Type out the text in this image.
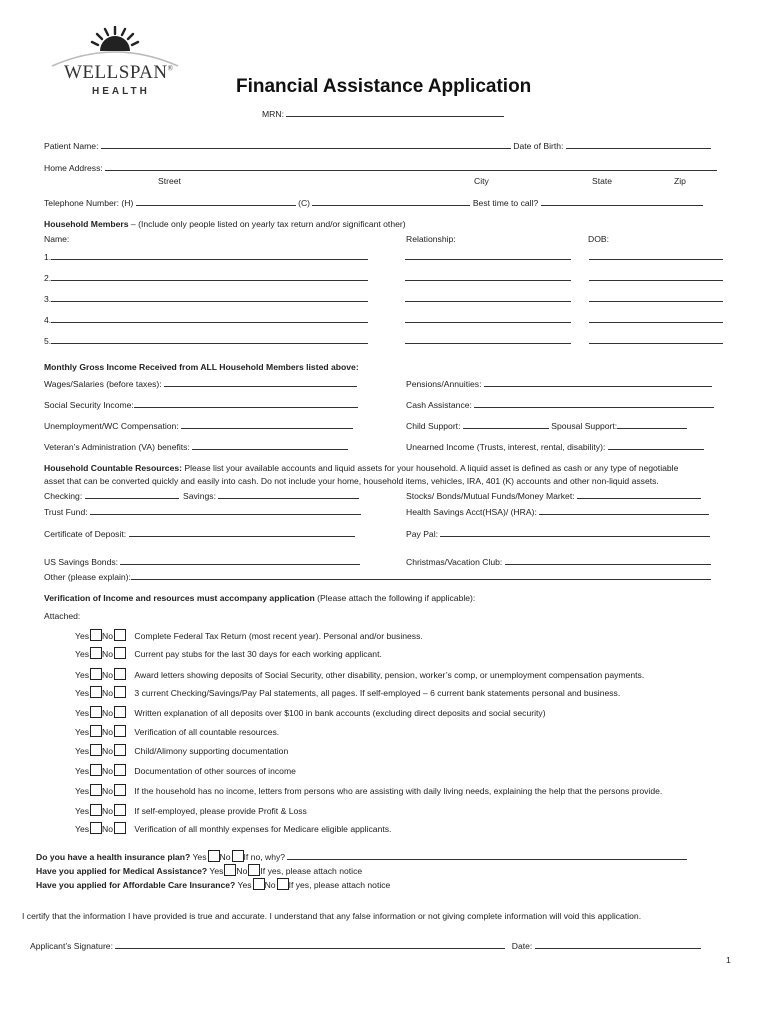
WELLSPAN®
HEALTH	Financial Assistance Application
MRN:
Patient Name:	Date of Birth:
Home Address:
Street	City	State	Zip
Telephone Number: (H)	(C)	Best time to call?
Household Members – (Include only people listed on yearly tax return and/or significant other)
Name:	Relationship:	DOB:
1.
2.
3.
4.
5.
Monthly Gross Income Received from ALL Household Members listed above:
Wages/Salaries (before taxes):	Pensions/Annuities:
Social Security Income:	Cash Assistance:
Unemployment/WC Compensation:	Child Support:	Spousal Support:
Veteran’s Administration (VA) benefits:	Unearned Income (Trusts, interest, rental, disability):
Household Countable Resources: Please list your available accounts and liquid assets for your household. A liquid asset is defined as cash or any type of negotiable
asset that can be converted quickly and easily into cash. Do not include your home, household items, vehicles, IRA, 401 (K) accounts and other non-liquid assets.
Checking:	Savings:	Stocks/ Bonds/Mutual Funds/Money Market:
Trust Fund:	Health Savings Acct(HSA)/ (HRA):
Certificate of Deposit:	Pay Pal:
US Savings Bonds:	Christmas/Vacation Club:
Other (please explain):
Verification of Income and resources must accompany application (Please attach the following if applicable):
Attached:
Yes No Complete Federal Tax Return (most recent year). Personal and/or business.
Yes No Current pay stubs for the last 30 days for each working applicant.
Yes No Award letters showing deposits of Social Security, other disability, pension, worker’s comp, or unemployment compensation payments.
Yes No 3 current Checking/Savings/Pay Pal statements, all pages. If self-employed – 6 current bank statements personal and business.
Yes No Written explanation of all deposits over $100 in bank accounts (excluding direct deposits and social security)
Yes No Verification of all countable resources.
Yes No Child/Alimony supporting documentation
Yes No Documentation of other sources of income
Yes No If the household has no income, letters from persons who are assisting with daily living needs, explaining the help that the persons provide.
Yes No If self-employed, please provide Profit & Loss
Yes No Verification of all monthly expenses for Medicare eligible applicants.
Do you have a health insurance plan? Yes No If no, why?
Have you applied for Medical Assistance? Yes No If yes, please attach notice
Have you applied for Affordable Care Insurance? Yes No If yes, please attach notice
I certify that the information I have provided is true and accurate. I understand that any false information or not giving complete information will void this application.
Applicant’s Signature:	Date:
1
